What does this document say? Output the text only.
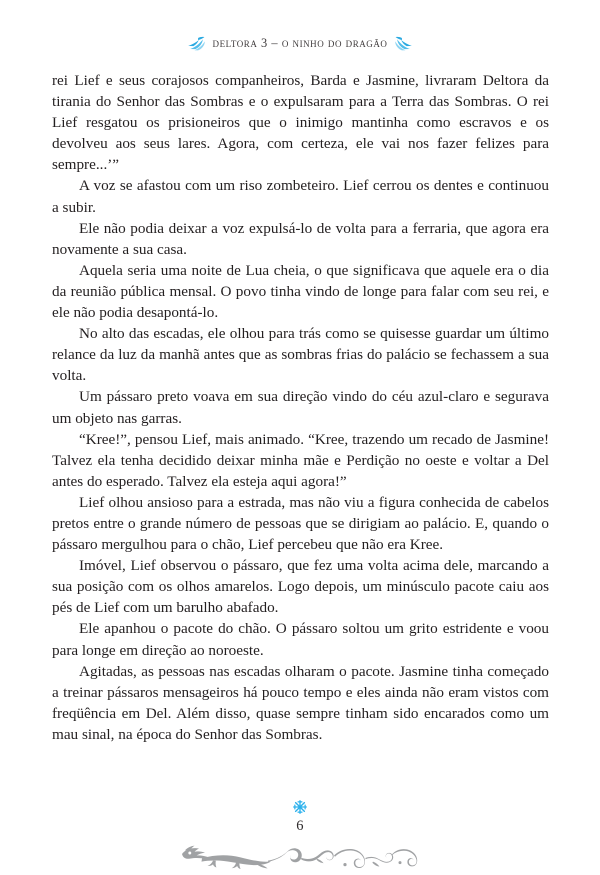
deltora 3 – o ninho do dragão

rei Lief e seus corajosos companheiros, Barda e Jasmine, livraram Deltora da tirania do Senhor das Sombras e o expulsaram para a Terra das Sombras. O rei Lief resgatou os prisioneiros que o inimigo mantinha como escravos e os devolveu aos seus lares. Agora, com certeza, ele vai nos fazer felizes para sempre...’”

A voz se afastou com um riso zombeteiro. Lief cerrou os dentes e continuou a subir.

Ele não podia deixar a voz expulsá-lo de volta para a ferraria, que agora era novamente a sua casa.

Aquela seria uma noite de Lua cheia, o que significava que aquele era o dia da reunião pública mensal. O povo tinha vindo de longe para falar com seu rei, e ele não podia desapontá-lo.

No alto das escadas, ele olhou para trás como se quisesse guardar um último relance da luz da manhã antes que as sombras frias do palácio se fechassem a sua volta.

Um pássaro preto voava em sua direção vindo do céu azul-claro e segurava um objeto nas garras.

“Kree!”, pensou Lief, mais animado. “Kree, trazendo um recado de Jasmine! Talvez ela tenha decidido deixar minha mãe e Perdição no oeste e voltar a Del antes do esperado. Talvez ela esteja aqui agora!”

Lief olhou ansioso para a estrada, mas não viu a figura conhecida de cabelos pretos entre o grande número de pessoas que se dirigiam ao palácio. E, quando o pássaro mergulhou para o chão, Lief percebeu que não era Kree.

Imóvel, Lief observou o pássaro, que fez uma volta acima dele, marcando a sua posição com os olhos amarelos. Logo depois, um minúsculo pacote caiu aos pés de Lief com um barulho abafado.

Ele apanhou o pacote do chão. O pássaro soltou um grito estridente e voou para longe em direção ao noroeste.

Agitadas, as pessoas nas escadas olharam o pacote. Jasmine tinha começado a treinar pássaros mensageiros há pouco tempo e eles ainda não eram vistos com freqüência em Del. Além disso, quase sempre tinham sido encarados como um mau sinal, na época do Senhor das Sombras.

6
